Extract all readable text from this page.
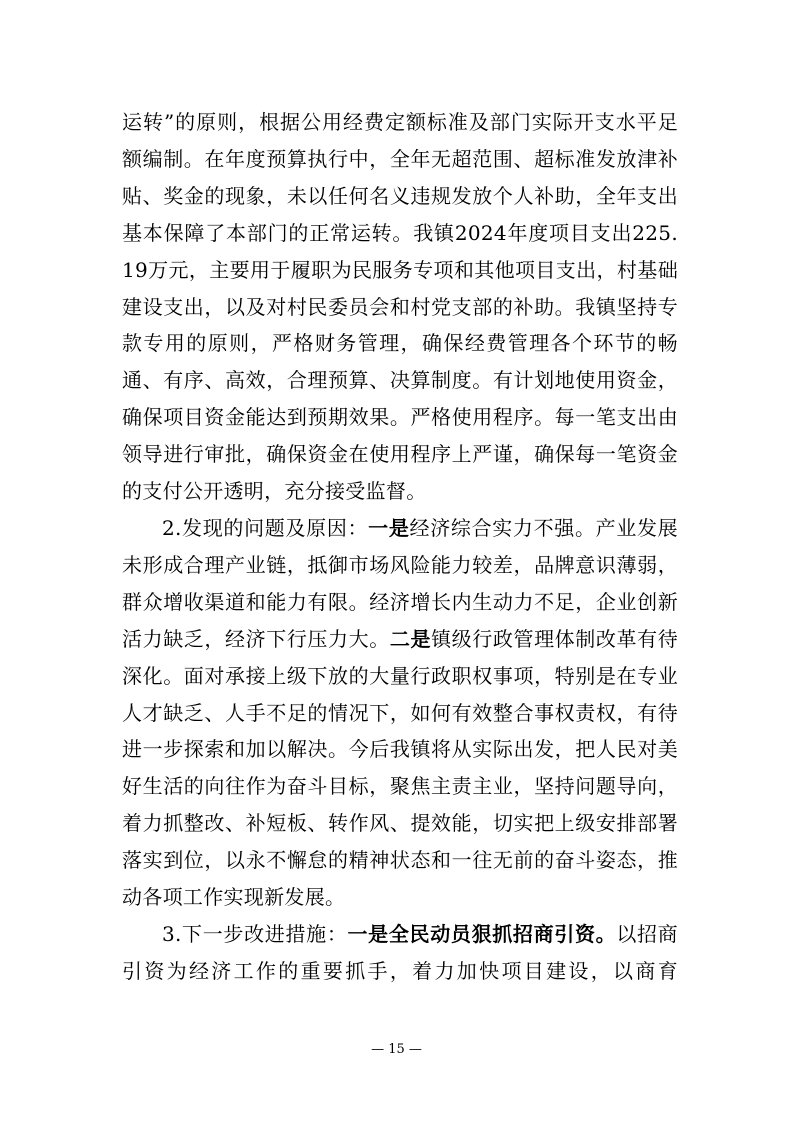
运转”的原则，根据公用经费定额标准及部门实际开支水平足额编制。在年度预算执行中，全年无超范围、超标准发放津补贴、奖金的现象，未以任何名义违规发放个人补助，全年支出基本保障了本部门的正常运转。我镇2024年度项目支出225.19万元，主要用于履职为民服务专项和其他项目支出，村基础建设支出，以及对村民委员会和村党支部的补助。我镇坚持专款专用的原则，严格财务管理，确保经费管理各个环节的畅通、有序、高效，合理预算、决算制度。有计划地使用资金，确保项目资金能达到预期效果。严格使用程序。每一笔支出由领导进行审批，确保资金在使用程序上严谨，确保每一笔资金的支付公开透明，充分接受监督。

2.发现的问题及原因：一是经济综合实力不强。产业发展未形成合理产业链，抵御市场风险能力较差，品牌意识薄弱，群众增收渠道和能力有限。经济增长内生动力不足，企业创新活力缺乏，经济下行压力大。二是镇级行政管理体制改革有待深化。面对承接上级下放的大量行政职权事项，特别是在专业人才缺乏、人手不足的情况下，如何有效整合事权责权，有待进一步探索和加以解决。今后我镇将从实际出发，把人民对美好生活的向往作为奋斗目标，聚焦主责主业，坚持问题导向，着力抓整改、补短板、转作风、提效能，切实把上级安排部署落实到位，以永不懈怠的精神状态和一往无前的奋斗姿态，推动各项工作实现新发展。

3.下一步改进措施：一是全民动员狠抓招商引资。以招商引资为经济工作的重要抓手，着力加快项目建设，以商育

— 15 —
